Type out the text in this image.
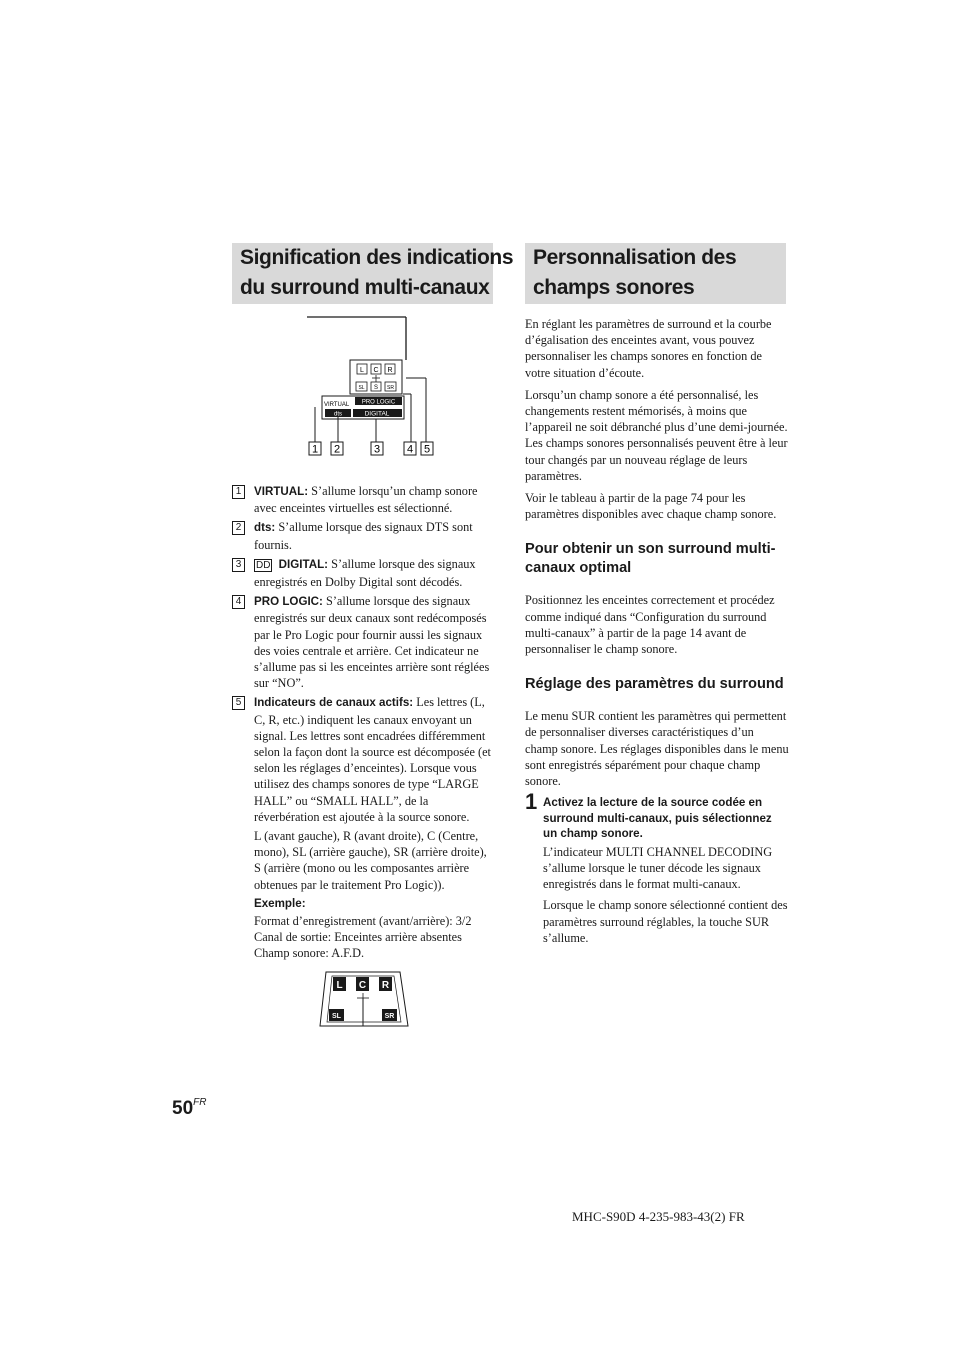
Signification des indications
du surround multi-canaux
Personnalisation des
champs sonores
L C R
SL S SR
VIRTUAL PRO LOGIC
dts	DIGITAL
1 2	3 4 5
1	VIRTUAL: S’allume lorsqu’un champ sonore avec enceintes virtuelles est sélectionné.
2	dts: S’allume lorsque des signaux DTS sont fournis.
3	DD DIGITAL: S’allume lorsque des signaux enregistrés en Dolby Digital sont décodés.
4	PRO LOGIC: S’allume lorsque des signaux enregistrés sur deux canaux sont redécomposés par le Pro Logic pour fournir aussi les signaux des voies centrale et arrière. Cet indicateur ne s’allume pas si les enceintes arrière sont réglées sur “NO”.
5	Indicateurs de canaux actifs: Les lettres (L, C, R, etc.) indiquent les canaux envoyant un signal. Les lettres sont encadrées différemment selon la façon dont la source est décomposée (et selon les réglages d’enceintes). Lorsque vous utilisez des champs sonores de type “LARGE HALL” ou “SMALL HALL”, de la réverbération est ajoutée à la source sonore.

L (avant gauche), R (avant droite), C (Centre, mono), SL (arrière gauche), SR (arrière droite), S (arrière (mono ou les composantes arrière obtenues par le traitement Pro Logic)).

Exemple:
Format d’enregistrement (avant/arrière): 3/2
Canal de sortie: Enceintes arrière absentes
Champ sonore: A.F.D.
L C R
SL	SR

En réglant les paramètres de surround et la courbe d’égalisation des enceintes avant, vous pouvez personnaliser les champs sonores en fonction de votre situation d’écoute.

Lorsqu’un champ sonore a été personnalisé, les changements restent mémorisés, à moins que l’appareil ne soit débranché plus d’une demi-journée. Les champs sonores personnalisés peuvent être à leur tour changés par un nouveau réglage de leurs paramètres.

Voir le tableau à partir de la page 74 pour les paramètres disponibles avec chaque champ sonore.

Pour obtenir un son surround multi-canaux optimal

Positionnez les enceintes correctement et procédez comme indiqué dans “Configuration du surround multi-canaux” à partir de la page 14 avant de personnaliser le champ sonore.

Réglage des paramètres du surround

Le menu SUR contient les paramètres qui permettent de personnaliser diverses caractéristiques d’un champ sonore. Les réglages disponibles dans le menu sont enregistrés séparément pour chaque champ sonore.

1 Activez la lecture de la source codée en surround multi-canaux, puis sélectionnez un champ sonore.

L’indicateur MULTI CHANNEL DECODING s’allume lorsque le tuner décode les signaux enregistrés dans le format multi-canaux.

Lorsque le champ sonore sélectionné contient des paramètres surround réglables, la touche SUR s’allume.

$50^{FR}$
MHC-S90D 4-235-983-43(2) FR
